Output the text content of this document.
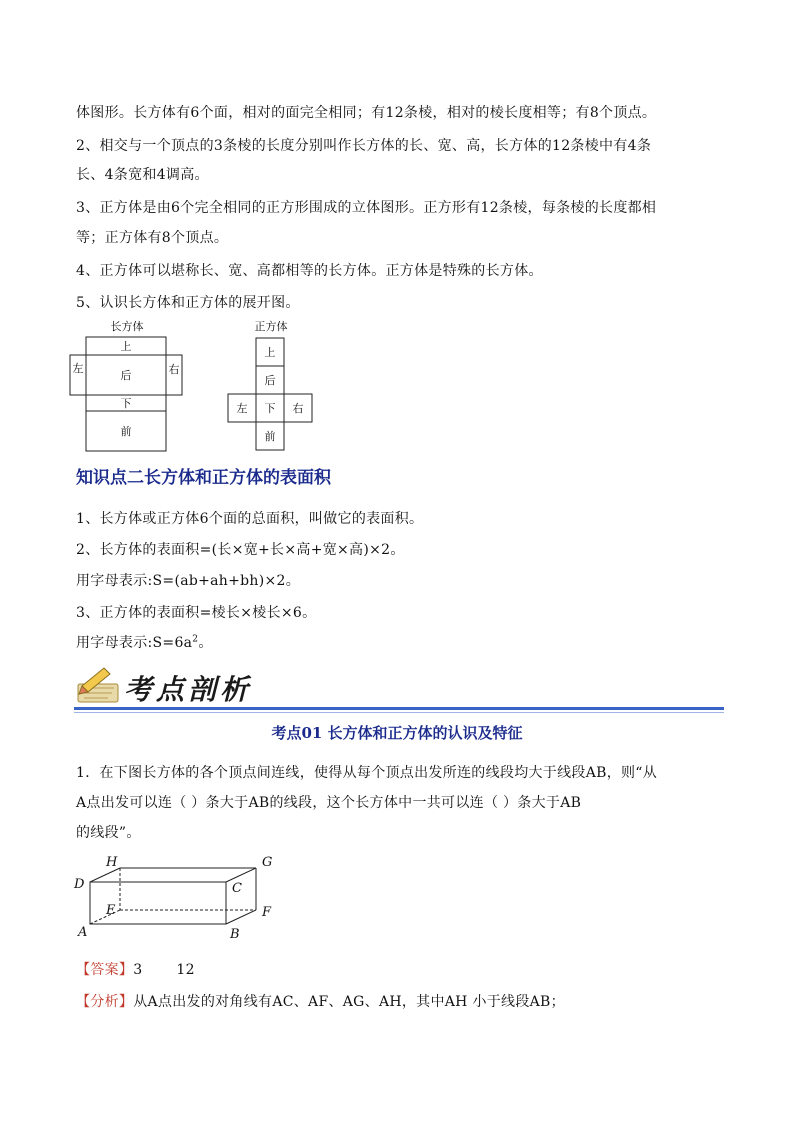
体图形。长方体有6个面，相对的面完全相同；有12条棱，相对的棱长度相等；有8个顶点。
2、相交与一个顶点的3条棱的长度分别叫作长方体的长、宽、高，长方体的12条棱中有4条
长、4条宽和4调高。
3、正方体是由6个完全相同的正方形围成的立体图形。正方形有12条棱，每条棱的长度都相
等；正方体有8个顶点。
4、正方体可以堪称长、宽、高都相等的长方体。正方体是特殊的长方体。
5、认识长方体和正方体的展开图。
长方体
上
后
左	右
下
前
正方体
上
后
左 下 右
前
知识点二长方体和正方体的表面积
1、长方体或正方体6个面的总面积，叫做它的表面积。
2、长方体的表面积=(长×宽+长×高+宽×高)×2。
用字母表示:S=(ab+ah+bh)×2。
3、正方体的表面积=棱长×棱长×6。
用字母表示$:S=6a^2$。
考点剖析
考点01 长方体和正方体的认识及特征
1．在下图长方体的各个顶点间连线，使得从每个顶点出发所连的线段均大于线段AB，则“从
A点出发可以连（ ）条大于AB的线段，这个长方体中一共可以连（ ）条大于AB
的线段”。
H	G
D	C
E	F
A	B
【答案】3 12
【分析】从A点出发的对角线有AC、AF、AG、AH，其中AH 小于线段AB；
